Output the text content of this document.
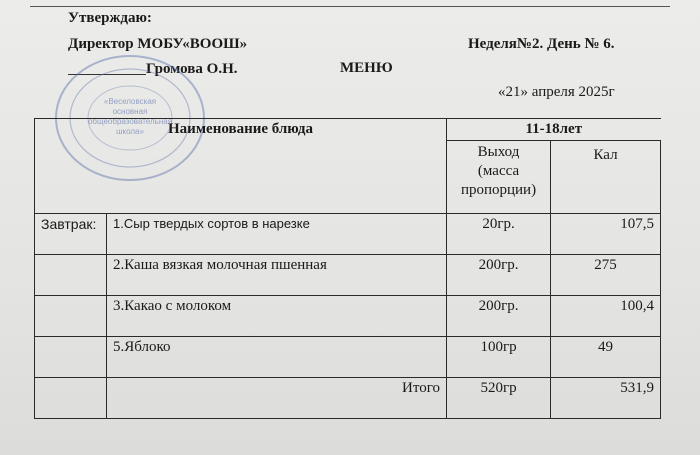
Утверждаю:
Директор МОБУ«ВООШ»	Неделя№2. День № 6.
Громова О.Н.	МЕНЮ
«21» апреля 2025г
«Веселовская
основная
общеобразовательная
школа» Наименование блюда		11-18лет	

		Выход
(масса
пропорции)	Кал
Завтрак:	1.Сыр твердых сортов в нарезке	20гр.	107,5
	2.Каша вязкая молочная пшенная	200гр.	275
	3.Какао с молоком	200гр.	100,4
	5.Яблоко	100гр	49
	Итого	520гр	531,9
